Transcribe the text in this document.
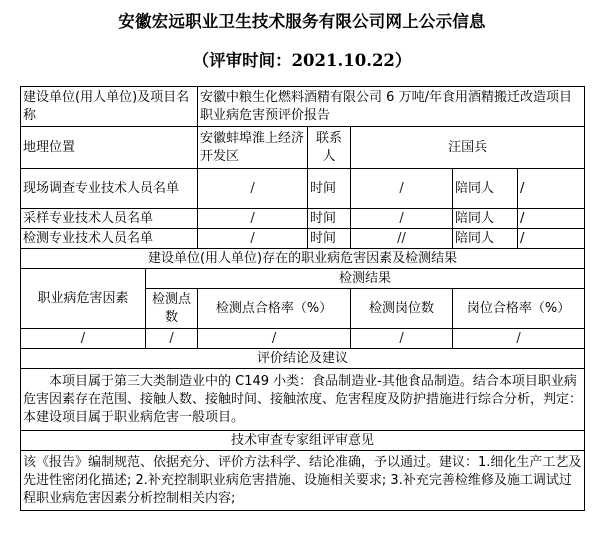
安徽宏远职业卫生技术服务有限公司网上公示信息
（评审时间：2021.10.22）
建设单位(用人单位)及项目名称		安徽中粮生化燃料酒精有限公司 6 万吨/年食用酒精搬迁改造项目职业病危害预评价报告				
地理位置		安徽蚌埠淮上经济开发区	联系人	汪国兵		
现场调查专业技术人员名单		/	时间	/	陪同人	/
采样专业技术人员名单		/	时间	/	陪同人	/
检测专业技术人员名单		/	时间	//	陪同人	/
建设单位(用人单位)存在的职业病危害因素及检测结果						
职业病危害因素	检测结果					
	检测点数	检测点合格率（%）		检测岗位数	岗位合格率（%）	
/	/	/		/	/	
评价结论及建议						
本项目属于第三大类制造业中的 C149 小类：食品制造业-其他食品制造。结合本项目职业病危害因素存在范围、接触人数、接触时间、接触浓度、危害程度及防护措施进行综合分析，判定：本建设项目属于职业病危害一般项目。						
技术审查专家组评审意见						
该《报告》编制规范、依据充分、评价方法科学、结论准确，予以通过。建议：1.细化生产工艺及先进性密闭化描述; 2.补充控制职业病危害措施、设施相关要求; 3.补充完善检维修及施工调试过程职业病危害因素分析控制相关内容;						
